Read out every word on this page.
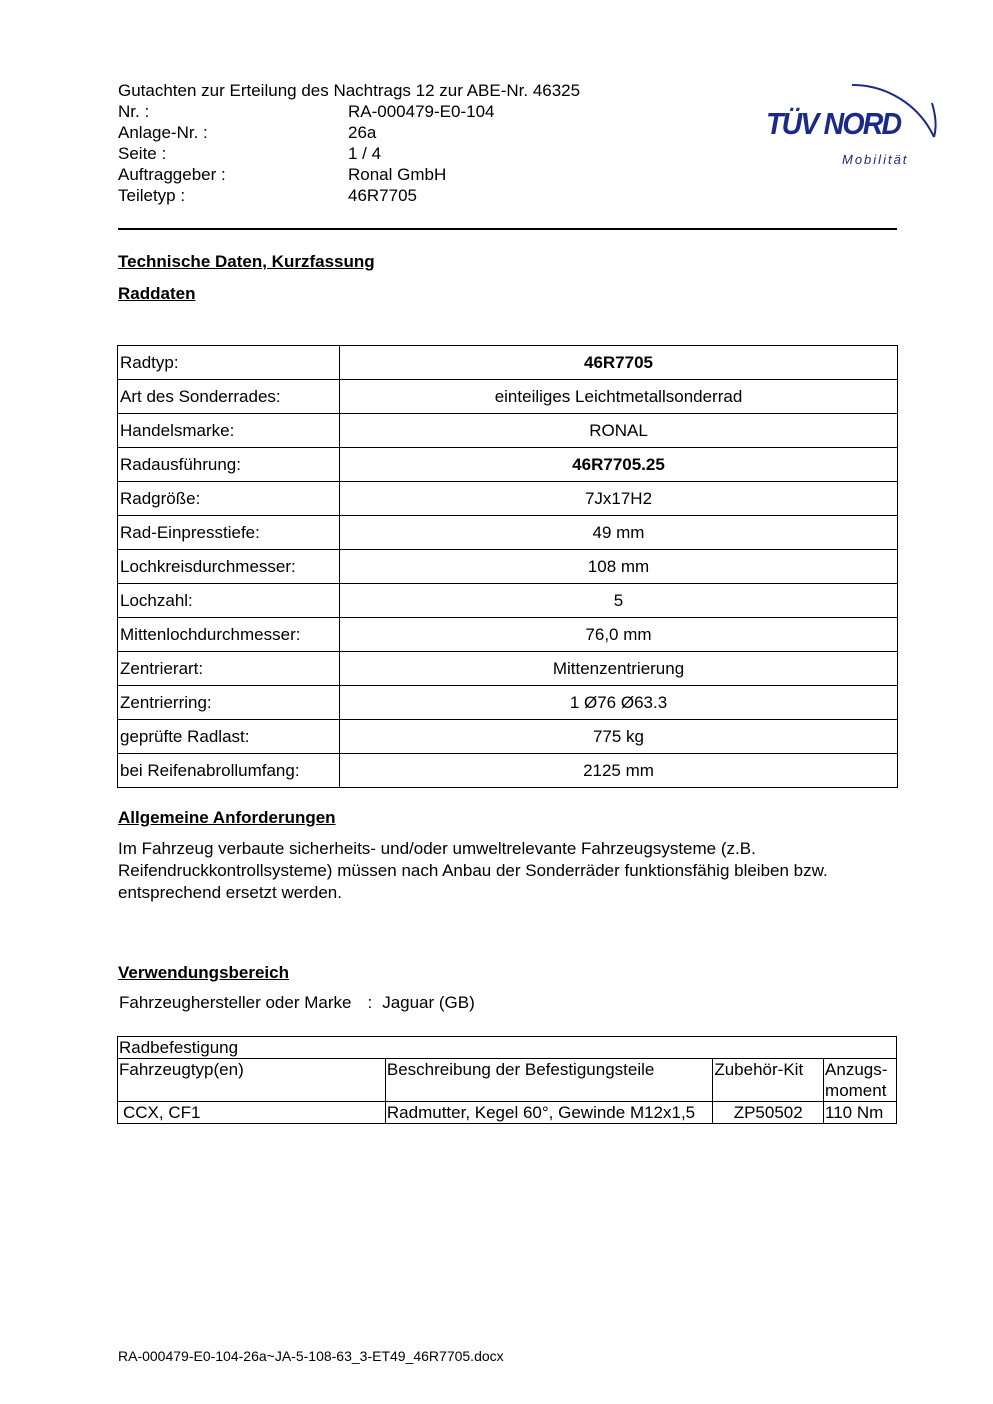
Gutachten zur Erteilung des Nachtrags 12 zur ABE-Nr. 46325
Nr. :	RA-000479-E0-104
Anlage-Nr. :	26a
Seite :	1 / 4
Auftraggeber :	Ronal GmbH
Teiletyp :	46R7705
TÜV NORD
Mobilität
Technische Daten, Kurzfassung
Raddaten
Radtyp:	46R7705
Art des Sonderrades:	einteiliges Leichtmetallsonderrad
Handelsmarke:	RONAL
Radausführung:	46R7705.25
Radgröße:	7Jx17H2
Rad-Einpresstiefe:	49 mm
Lochkreisdurchmesser:	108 mm
Lochzahl:	5
Mittenlochdurchmesser:	76,0 mm
Zentrierart:	Mittenzentrierung
Zentrierring:	1 Ø76 Ø63.3
geprüfte Radlast:	775 kg
bei Reifenabrollumfang:	2125 mm
Allgemeine Anforderungen
Im Fahrzeug verbaute sicherheits- und/oder umweltrelevante Fahrzeugsysteme (z.B. Reifendruckkontrollsysteme) müssen nach Anbau der Sonderräder funktionsfähig bleiben bzw. entsprechend ersetzt werden.
Verwendungsbereich
Fahrzeughersteller oder Marke : Jaguar (GB)
Radbefestigung			
Fahrzeugtyp(en)	Beschreibung der Befestigungsteile	Zubehör-Kit	Anzugs-
moment
CCX, CF1	Radmutter, Kegel 60°, Gewinde M12x1,5	ZP50502	110 Nm
RA-000479-E0-104-26a~JA-5-108-63_3-ET49_46R7705.docx
